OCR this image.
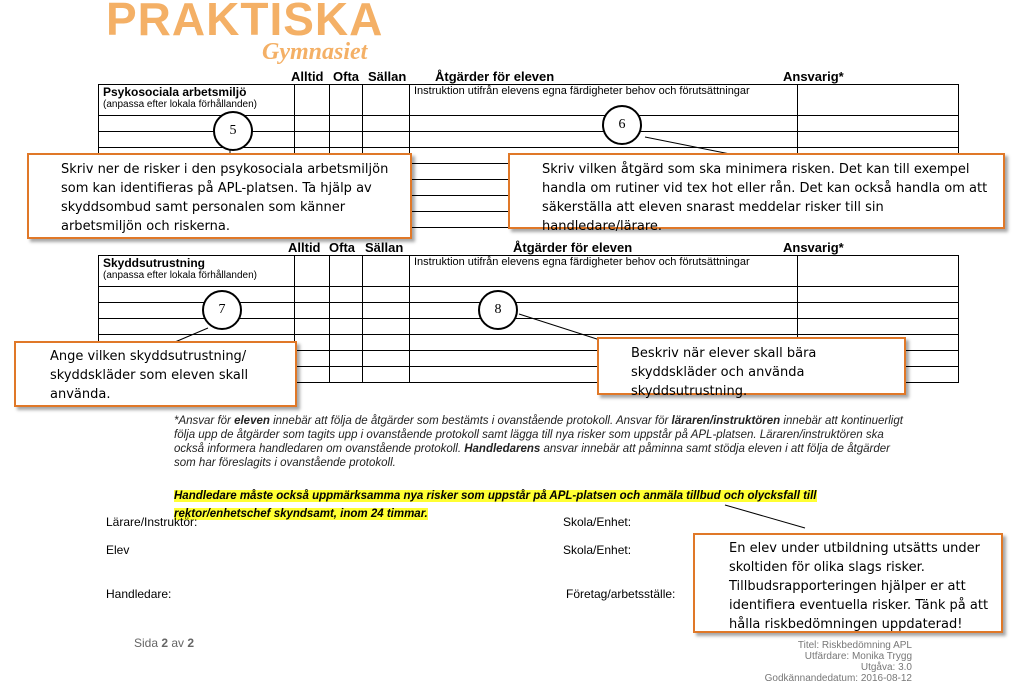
PRAKTISKA
Gymnasiet
Alltid Ofta Sällan Åtgärder för eleven	Ansvarig*
Psykosociala arbetsmiljö
(anpassa efter lokala förhållanden)				Instruktion utifrån elevens egna färdigheter behov och förutsättningar	

Alltid Ofta Sällan	Åtgärder för eleven	Ansvarig*
Skyddsutrustning
(anpassa efter lokala förhållanden)				Instruktion utifrån elevens egna färdigheter behov och förutsättningar	

5	6
7	8
Skriv ner de risker i den psykosociala arbetsmiljön som kan identifieras på APL-platsen. Ta hjälp av skyddsombud samt personalen som känner arbetsmiljön och riskerna.
Skriv vilken åtgärd som ska minimera risken. Det kan till exempel handla om rutiner vid tex hot eller rån. Det kan också handla om att säkerställa att eleven snarast meddelar risker till sin handledare/lärare.
Ange vilken skyddsutrustning/ skyddskläder som eleven skall använda.
Beskriv när elever skall bära skyddskläder och använda skyddsutrustning.
En elev under utbildning utsätts under skoltiden för olika slags risker. Tillbudsrapporteringen hjälper er att identifiera eventuella risker. Tänk på att hålla riskbedömningen uppdaterad!
*Ansvar för eleven innebär att följa de åtgärder som bestämts i ovanstående protokoll. Ansvar för läraren/instruktören innebär att kontinuerligt följa upp de åtgärder som tagits upp i ovanstående protokoll samt lägga till nya risker som uppstår på APL-platsen. Läraren/instruktören ska också informera handledaren om ovanstående protokoll. Handledarens ansvar innebär att påminna samt stödja eleven i att följa de åtgärder som har föreslagits i ovanstående protokoll.
Handledare måste också uppmärksamma nya risker som uppstår på APL-platsen och anmäla tillbud och olycksfall till rektor/enhetschef skyndsamt, inom 24 timmar.
Lärare/Instruktör:	Skola/Enhet:
Elev	Skola/Enhet:
Handledare:	Företag/arbetsställe:
Sida 2 av 2	Titel: Riskbedömning APL
Utfärdare: Monika Trygg
Utgåva: 3.0
Godkännandedatum: 2016-08-12
